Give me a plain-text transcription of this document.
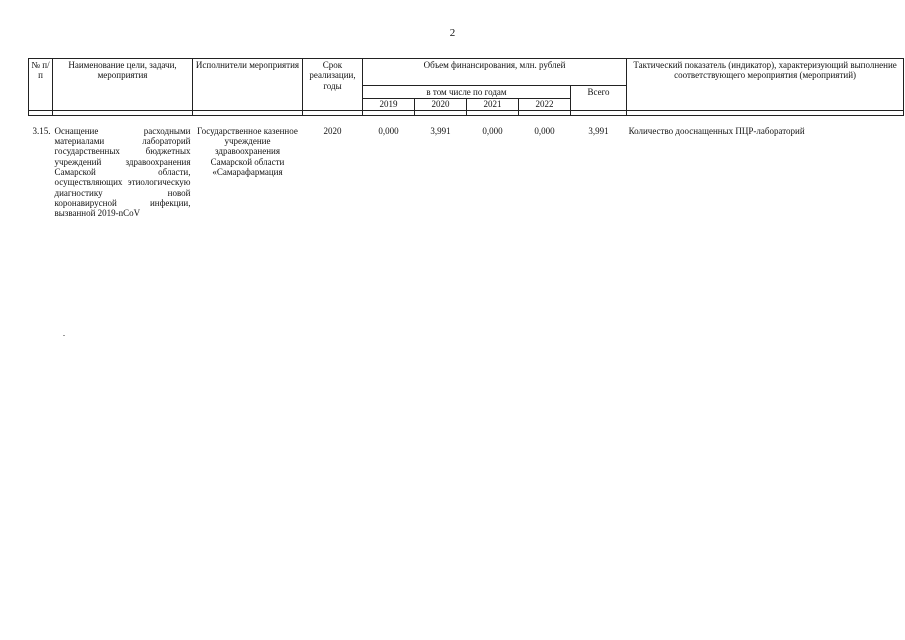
2
№ п/п	Наименование цели, задачи, мероприятия	Исполнители мероприятия	Срок реализации, годы	Объем финансирования, млн. рублей					Тактический показатель (индикатор), характеризующий выполнение соответствующего мероприятия (мероприятий)
				в том числе по годам				Всего	
				2019	2020	2021	2022		

3.15.	Оснащение расходными материалами лабораторий государственных бюджетных учреждений здравоохранения Самарской области, осуществляющих этиологическую диагностику новой коронавирусной инфекции, вызванной 2019-nCoV	Государственное казенное учреждение здравоохранения Самарской области «Самарафармация	2020	0,000	3,991	0,000	0,000	3,991	Количество дооснащенных ПЦР-лабораторий
